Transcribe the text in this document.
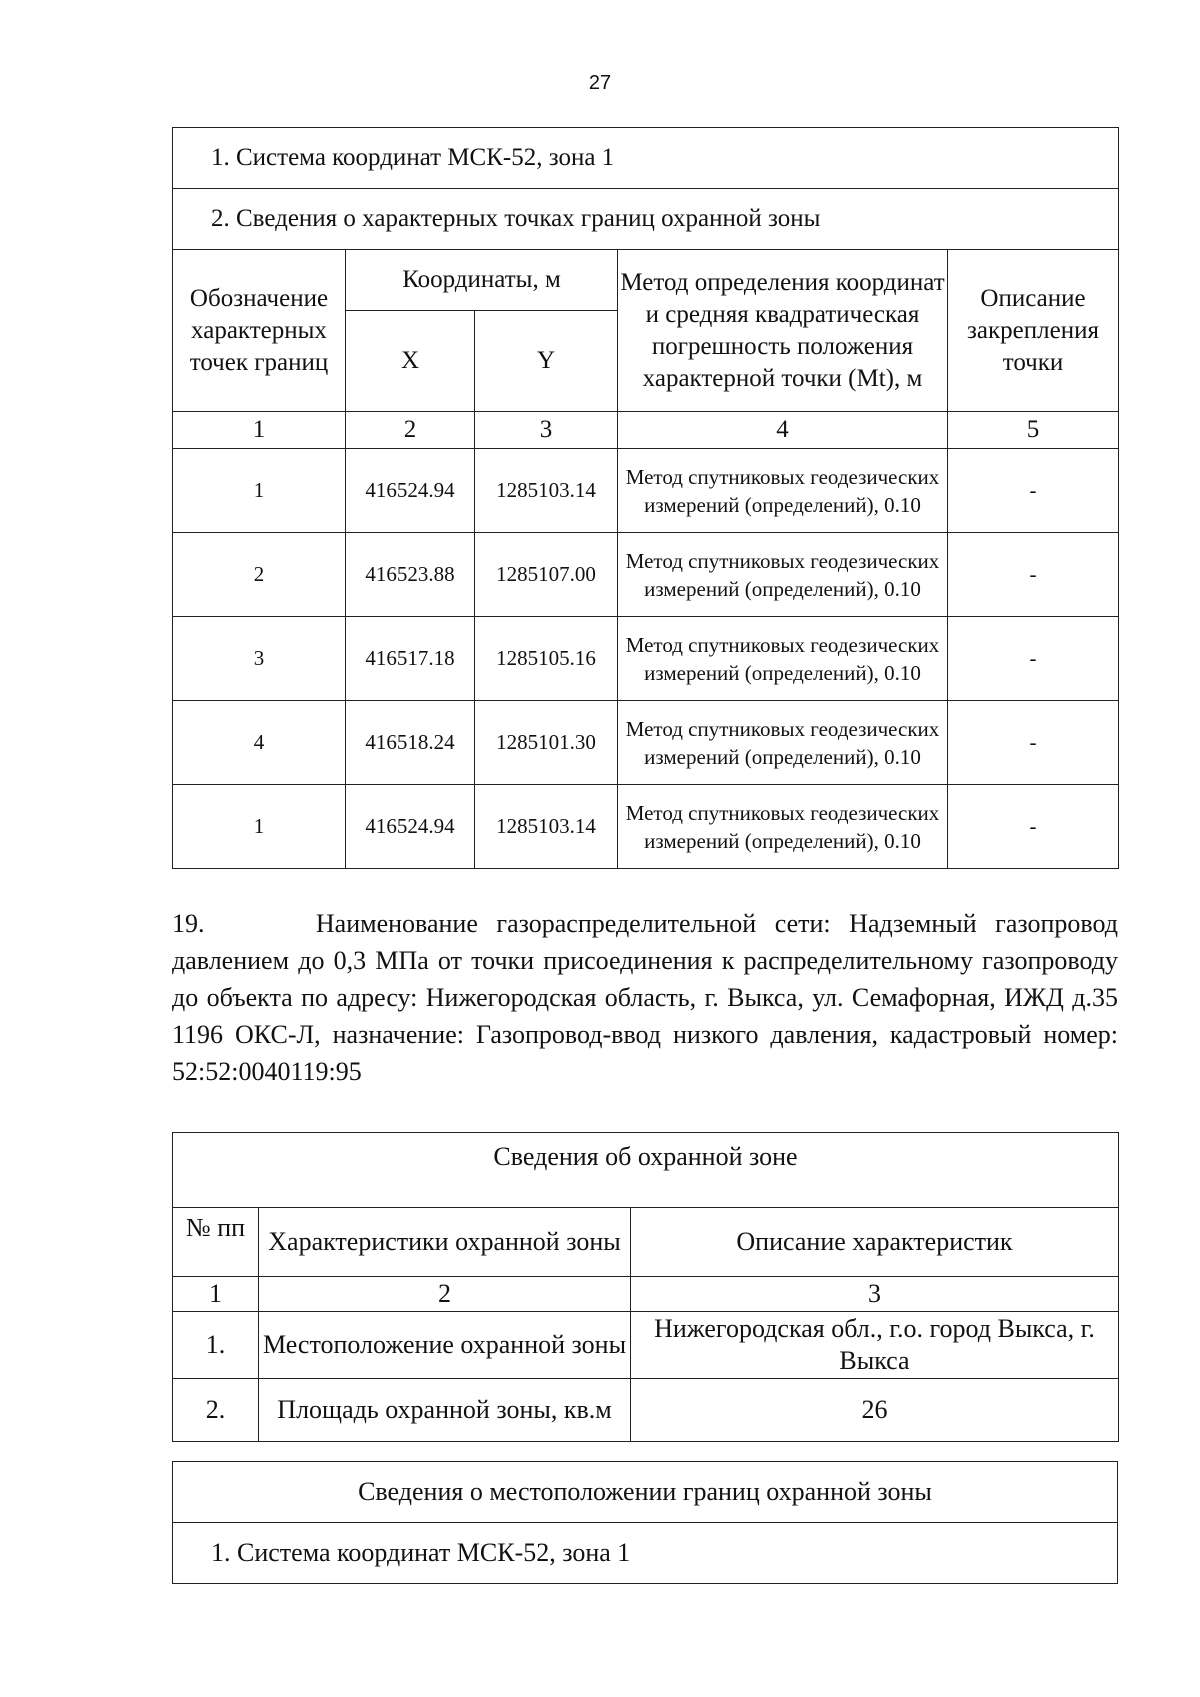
27
1. Система координат МСК-52, зона 1				
2. Сведения о характерных точках границ охранной зоны				
Обозначение характерных точек границ	Координаты, м		Метод определения координат и средняя квадратическая погрешность положения характерной точки (Mt), м	Описание закрепления точки
	X	Y		
1	2	3	4	5
1	416524.94	1285103.14	Метод спутниковых геодезических измерений (определений), 0.10	-
2	416523.88	1285107.00	Метод спутниковых геодезических измерений (определений), 0.10	-
3	416517.18	1285105.16	Метод спутниковых геодезических измерений (определений), 0.10	-
4	416518.24	1285101.30	Метод спутниковых геодезических измерений (определений), 0.10	-
1	416524.94	1285103.14	Метод спутниковых геодезических измерений (определений), 0.10	-

19.      Наименование газораспределительной сети: Надземный газопровод давлением до 0,3 МПа от точки присоединения к распределительному газопроводу до объекта по адресу: Нижегородская область, г. Выкса, ул. Семафорная, ИЖД д.35 1196 ОКС-Л, назначение: Газопровод-ввод низкого давления, кадастровый номер: 52:52:0040119:95

Сведения об охранной зоне		
№ пп	Характеристики охранной зоны	Описание характеристик
1	2	3
1.	Местоположение охранной зоны	Нижегородская обл., г.о. город Выкса, г. Выкса
2.	Площадь охранной зоны, кв.м	26
Сведения о местоположении границ охранной зоны
1. Система координат МСК-52, зона 1
